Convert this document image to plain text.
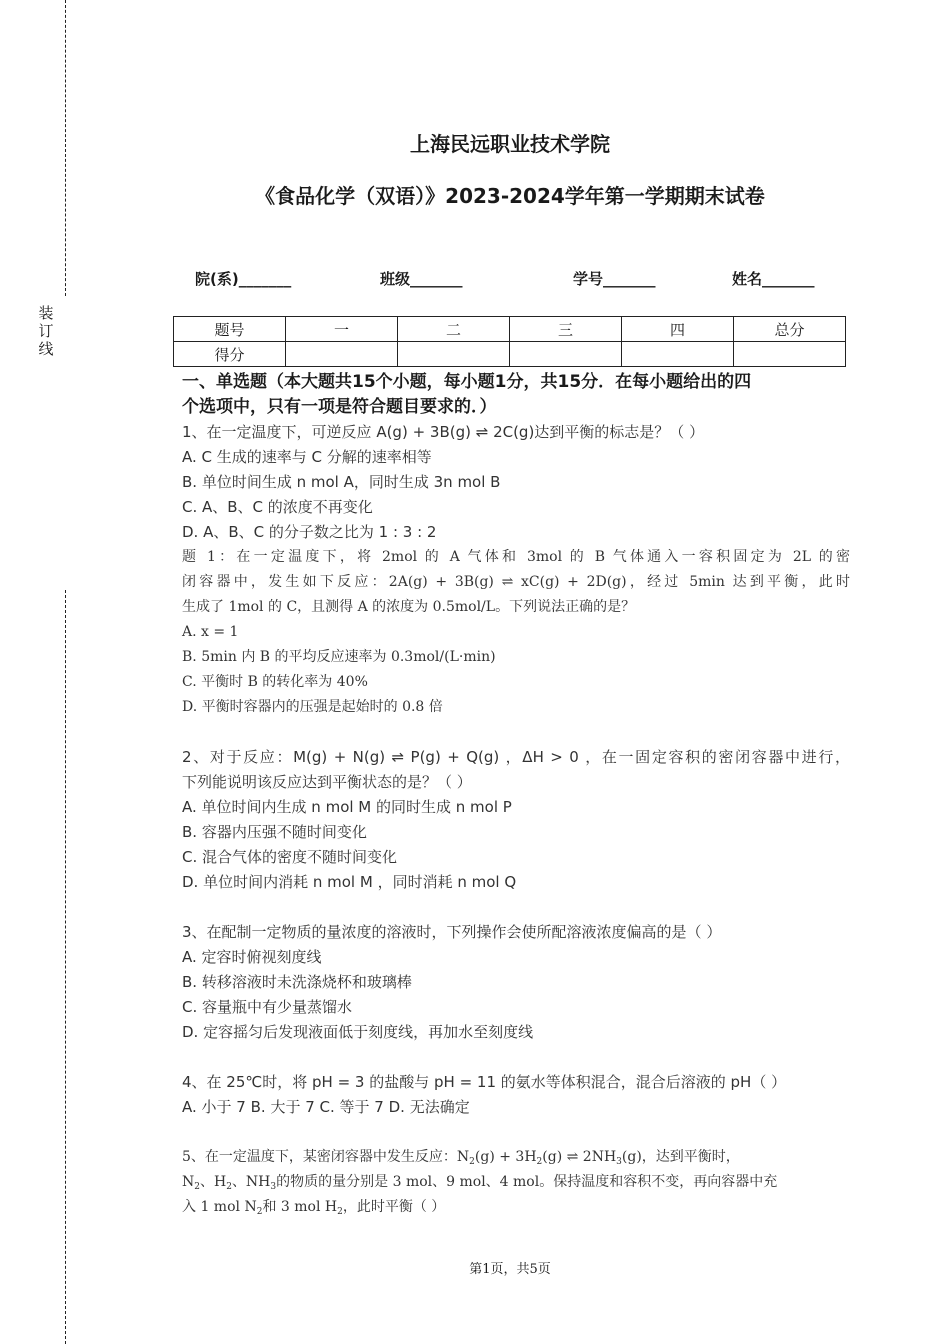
装
订
线
上海民远职业技术学院
《食品化学（双语）》2023-2024学年第一学期期末试卷
院(系)_______	班级_______	学号_______	姓名_______
题号	一	二	三	四	总分
得分					
一、单选题（本大题共15个小题，每小题1分，共15分．在每小题给出的四
个选项中，只有一项是符合题目要求的．）
1、在一定温度下，可逆反应 A(g) + 3B(g) ⇌ 2C(g)达到平衡的标志是？（ ）
A. C 生成的速率与 C 分解的速率相等
B. 单位时间生成 n mol A，同时生成 3n mol B
C. A、B、C 的浓度不再变化
D. A、B、C 的分子数之比为 1 : 3 : 2
题 1：在一定温度下，将 2mol 的 A 气体和 3mol 的 B 气体通入一容积固定为 2L 的密
闭容器中，发生如下反应：2A(g) + 3B(g) ⇌ xC(g) + 2D(g)，经过 5min 达到平衡，此时
生成了 1mol 的 C，且测得 A 的浓度为 0.5mol/L。下列说法正确的是？
A. x = 1
B. 5min 内 B 的平均反应速率为 0.3mol/(L·min)
C. 平衡时 B 的转化率为 40%
D. 平衡时容器内的压强是起始时的 0.8 倍
2、对于反应：M(g) + N(g) ⇌ P(g) + Q(g) ，ΔH > 0 ，在一固定容积的密闭容器中进行，
下列能说明该反应达到平衡状态的是？（ ）
A. 单位时间内生成 n mol M 的同时生成 n mol P
B. 容器内压强不随时间变化
C. 混合气体的密度不随时间变化
D. 单位时间内消耗 n mol M ，同时消耗 n mol Q
3、在配制一定物质的量浓度的溶液时，下列操作会使所配溶液浓度偏高的是（ ）
A. 定容时俯视刻度线
B. 转移溶液时未洗涤烧杯和玻璃棒
C. 容量瓶中有少量蒸馏水
D. 定容摇匀后发现液面低于刻度线，再加水至刻度线
4、在 25℃时，将 pH = 3 的盐酸与 pH = 11 的氨水等体积混合，混合后溶液的 pH（ ）
A. 小于 7 B. 大于 7 C. 等于 7 D. 无法确定
5、在一定温度下，某密闭容器中发生反应：$N_2(g) + 3H_2(g)$ ⇌ $2NH_3(g)$，达到平衡时，
$N_2$、$H_2$、$NH_3$的物质的量分别是 3 mol、9 mol、4 mol。保持温度和容积不变，再向容器中充
入 1 mol $N_2$和 3 mol $H_2$，此时平衡（ ）
第1页，共5页
